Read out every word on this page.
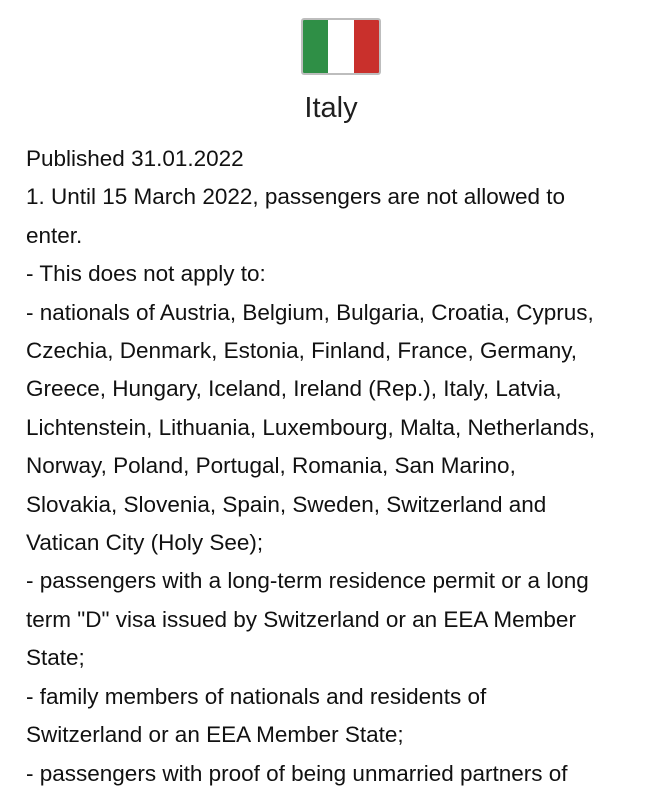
Italy
Published 31.01.2022
1. Until 15 March 2022, passengers are not allowed to
enter.
- This does not apply to:
- nationals of Austria, Belgium, Bulgaria, Croatia, Cyprus,
Czechia, Denmark, Estonia, Finland, France, Germany,
Greece, Hungary, Iceland, Ireland (Rep.), Italy, Latvia,
Lichtenstein, Lithuania, Luxembourg, Malta, Netherlands,
Norway, Poland, Portugal, Romania, San Marino,
Slovakia, Slovenia, Spain, Sweden, Switzerland and
Vatican City (Holy See);
- passengers with a long-term residence permit or a long
term "D" visa issued by Switzerland or an EEA Member
State;
- family members of nationals and residents of
Switzerland or an EEA Member State;
- passengers with proof of being unmarried partners of
